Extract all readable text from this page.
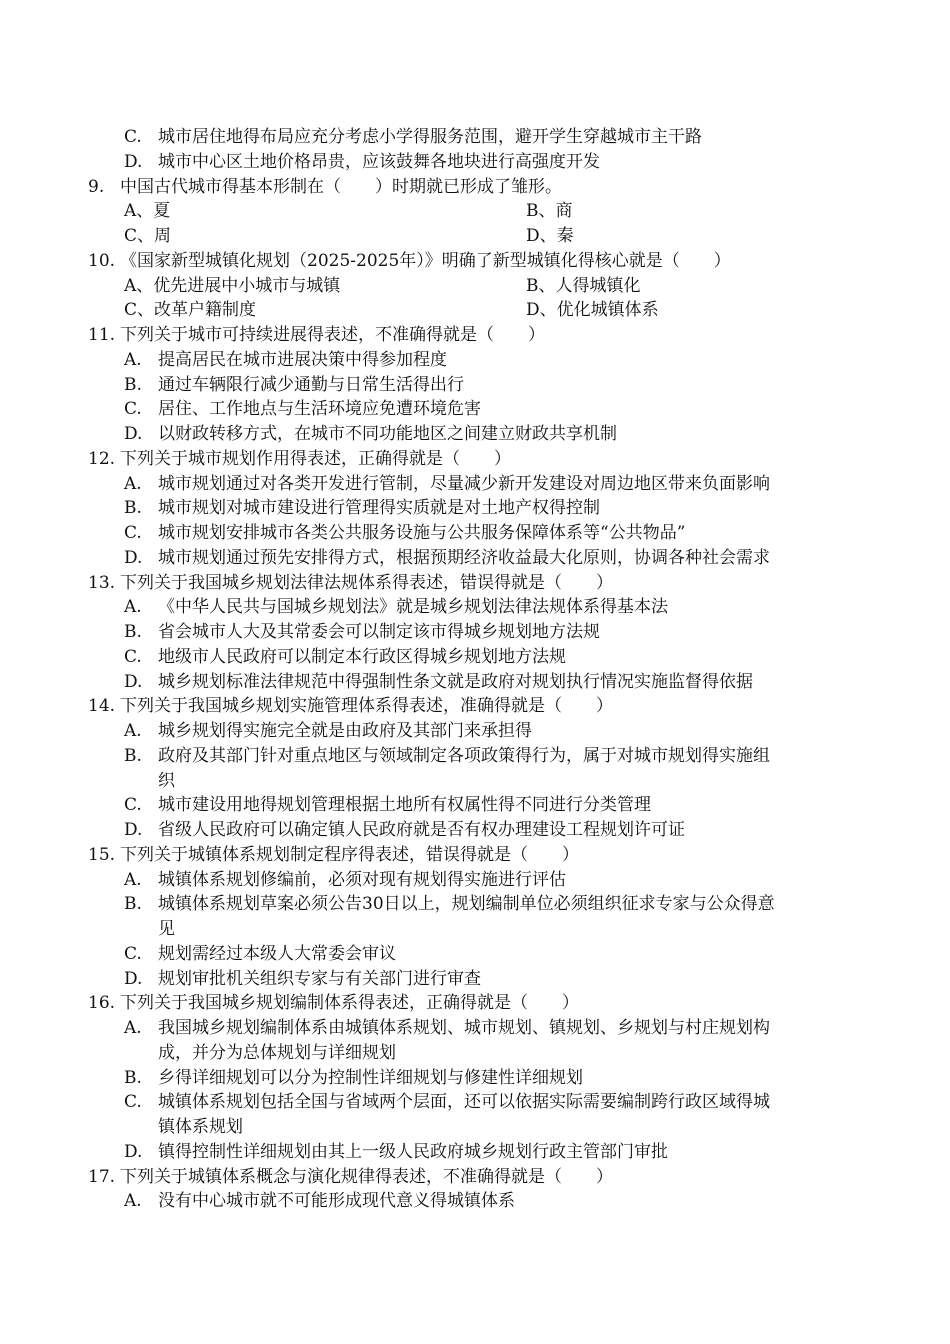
C. 城市居住地得布局应充分考虑小学得服务范围，避开学生穿越城市主干路
D. 城市中心区土地价格昂贵，应该鼓舞各地块进行高强度开发
9. 中国古代城市得基本形制在（　　）时期就已形成了雏形。
A、夏	B、商
C、周	D、秦
10. 《国家新型城镇化规划（2025-2025年）》明确了新型城镇化得核心就是（　　）
A、优先进展中小城市与城镇	B、人得城镇化
C、改革户籍制度	D、优化城镇体系
11. 下列关于城市可持续进展得表述，不准确得就是（　　）
A. 提高居民在城市进展决策中得参加程度
B. 通过车辆限行减少通勤与日常生活得出行
C. 居住、工作地点与生活环境应免遭环境危害
D. 以财政转移方式，在城市不同功能地区之间建立财政共享机制
12. 下列关于城市规划作用得表述，正确得就是（　　）
A. 城市规划通过对各类开发进行管制，尽量减少新开发建设对周边地区带来负面影响
B. 城市规划对城市建设进行管理得实质就是对土地产权得控制
C. 城市规划安排城市各类公共服务设施与公共服务保障体系等“公共物品”
D. 城市规划通过预先安排得方式，根据预期经济收益最大化原则，协调各种社会需求
13. 下列关于我国城乡规划法律法规体系得表述，错误得就是（　　）
A. 《中华人民共与国城乡规划法》就是城乡规划法律法规体系得基本法
B. 省会城市人大及其常委会可以制定该市得城乡规划地方法规
C. 地级市人民政府可以制定本行政区得城乡规划地方法规
D. 城乡规划标准法律规范中得强制性条文就是政府对规划执行情况实施监督得依据
14. 下列关于我国城乡规划实施管理体系得表述，准确得就是（　　）
A. 城乡规划得实施完全就是由政府及其部门来承担得
B. 政府及其部门针对重点地区与领域制定各项政策得行为，属于对城市规划得实施组
织
C. 城市建设用地得规划管理根据土地所有权属性得不同进行分类管理
D. 省级人民政府可以确定镇人民政府就是否有权办理建设工程规划许可证
15. 下列关于城镇体系规划制定程序得表述，错误得就是（　　）
A. 城镇体系规划修编前，必须对现有规划得实施进行评估
B. 城镇体系规划草案必须公告30日以上，规划编制单位必须组织征求专家与公众得意
见
C. 规划需经过本级人大常委会审议
D. 规划审批机关组织专家与有关部门进行审查
16. 下列关于我国城乡规划编制体系得表述，正确得就是（　　）
A. 我国城乡规划编制体系由城镇体系规划、城市规划、镇规划、乡规划与村庄规划构
成，并分为总体规划与详细规划
B. 乡得详细规划可以分为控制性详细规划与修建性详细规划
C. 城镇体系规划包括全国与省域两个层面，还可以依据实际需要编制跨行政区域得城
镇体系规划
D. 镇得控制性详细规划由其上一级人民政府城乡规划行政主管部门审批
17. 下列关于城镇体系概念与演化规律得表述，不准确得就是（　　）
A. 没有中心城市就不可能形成现代意义得城镇体系
